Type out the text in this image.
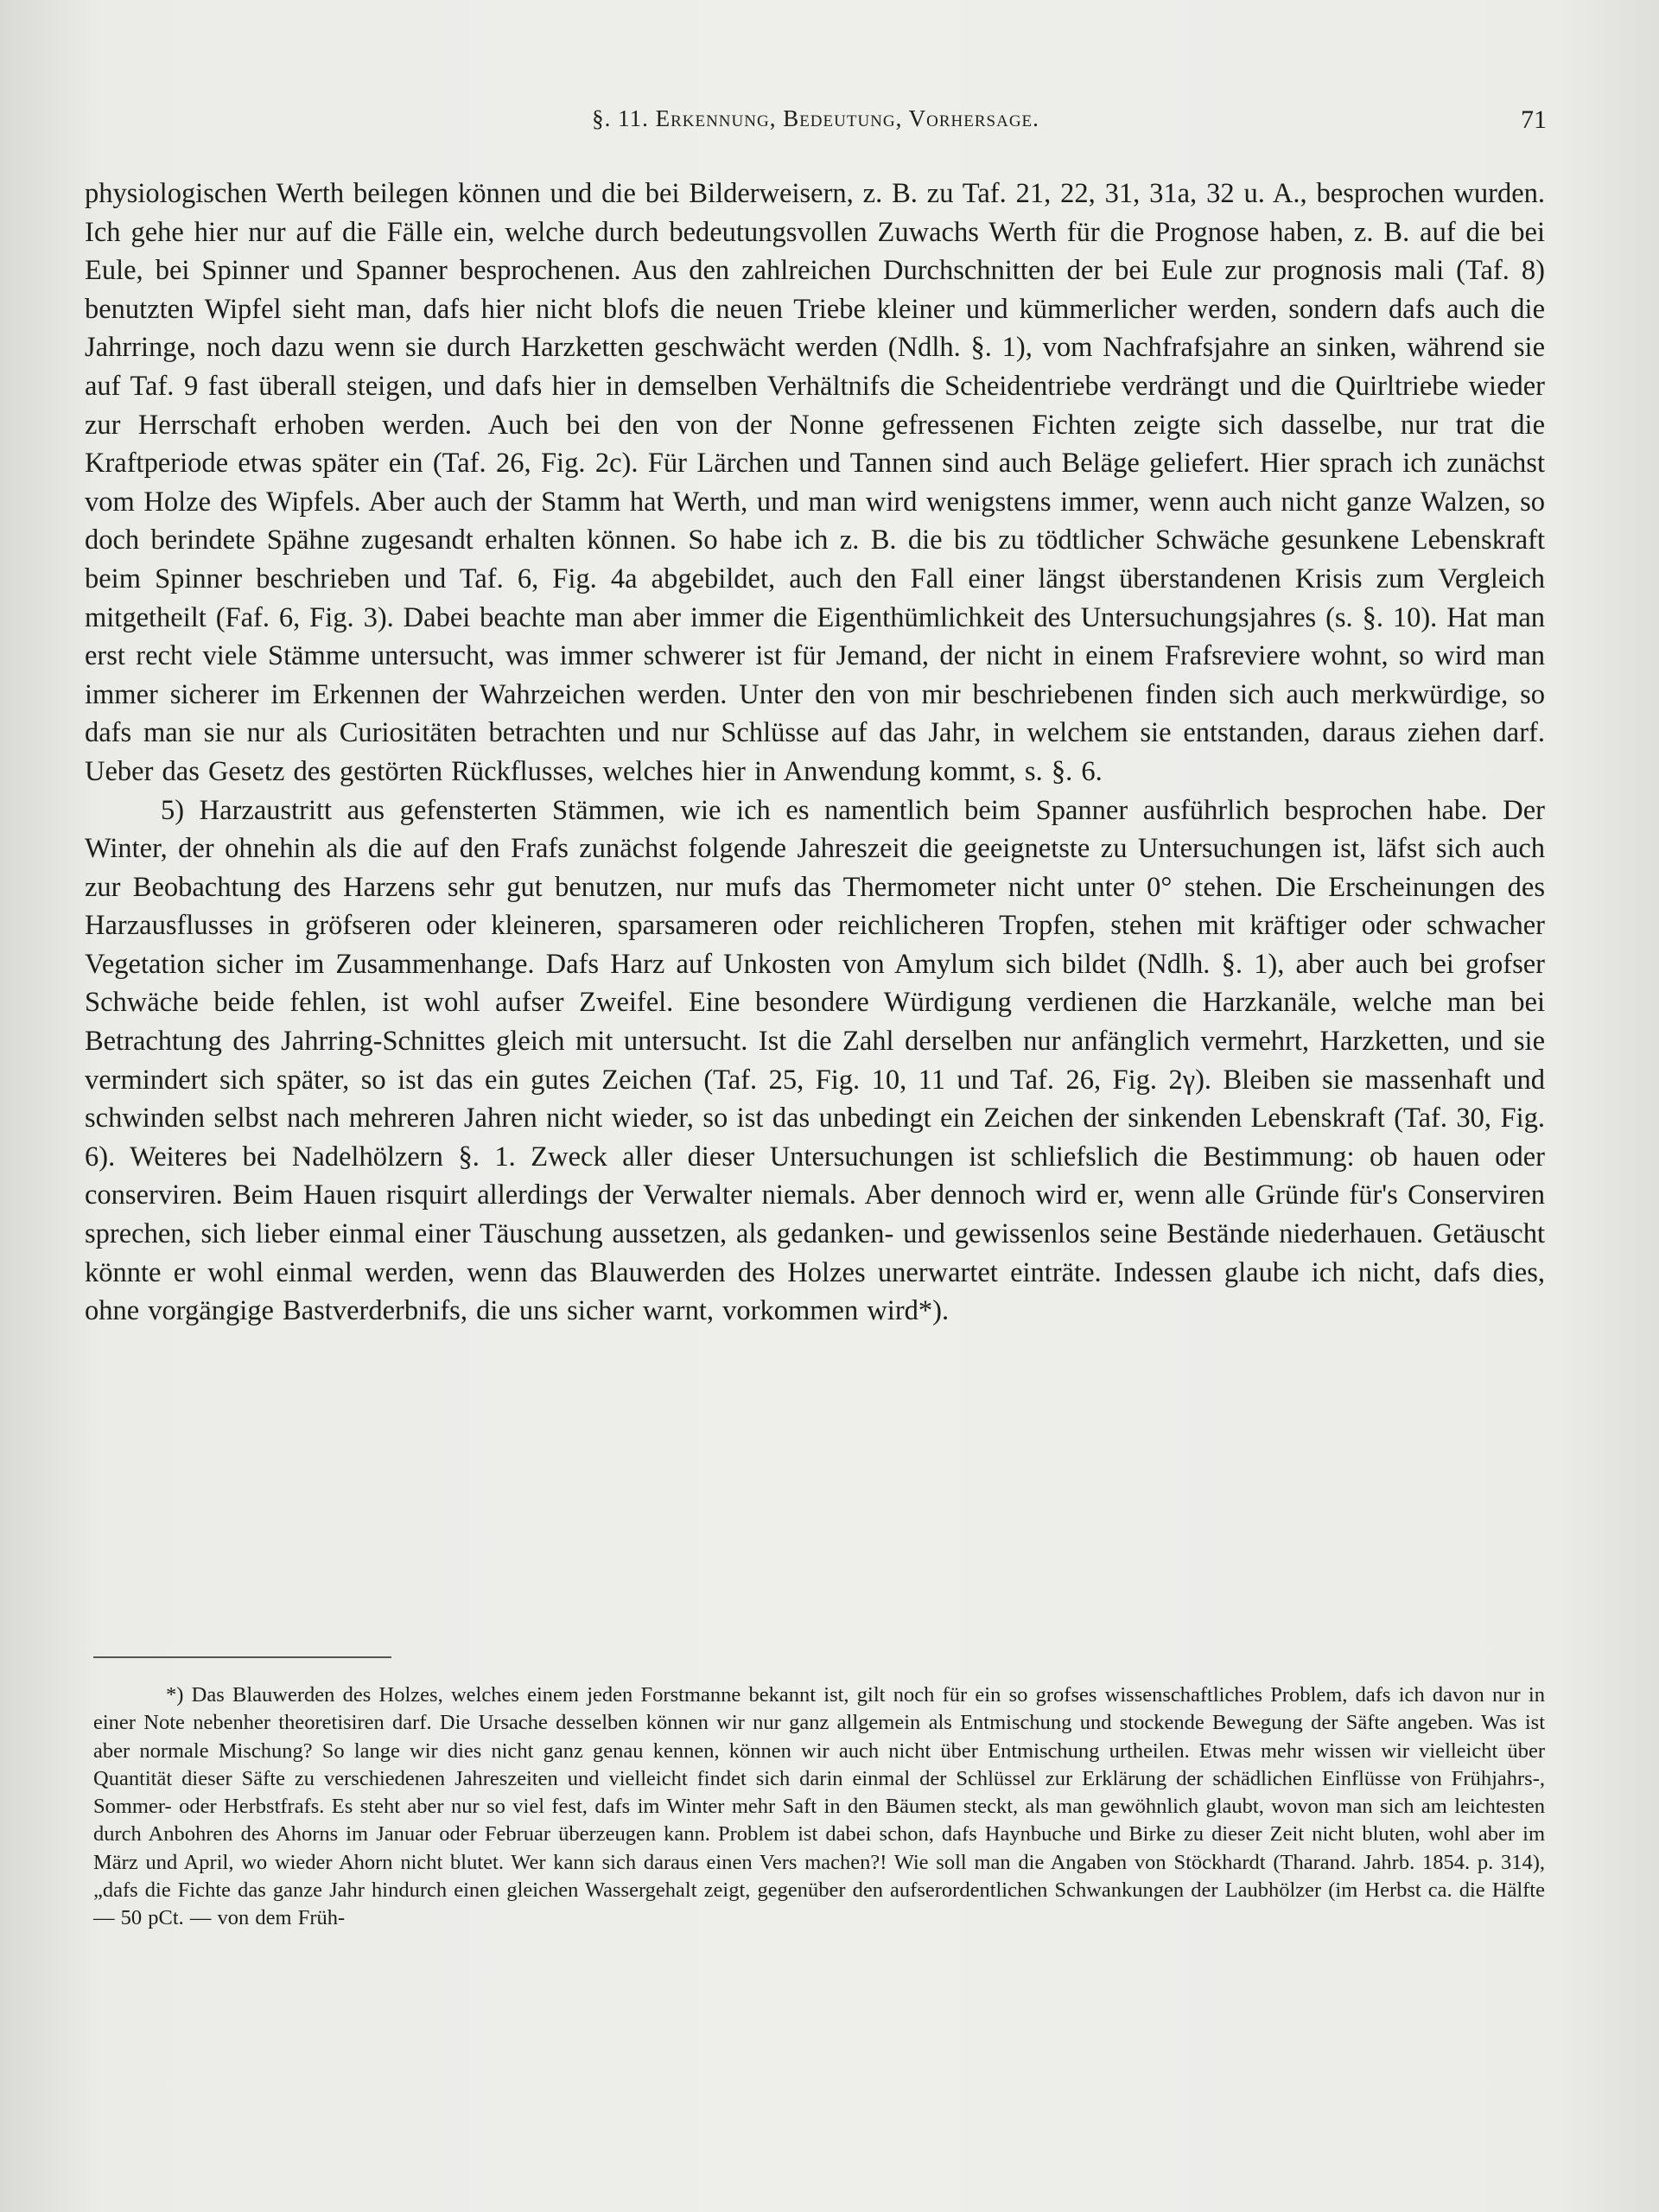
§. 11. Erkennung, Bedeutung, Vorhersage.	71

physiologischen Werth beilegen können und die bei Bilderweisern, z. B. zu Taf. 21, 22, 31, 31a, 32 u. A., besprochen wurden. Ich gehe hier nur auf die Fälle ein, welche durch bedeutungsvollen Zuwachs Werth für die Prognose haben, z. B. auf die bei Eule, bei Spinner und Spanner besprochenen. Aus den zahlreichen Durchschnitten der bei Eule zur prognosis mali (Taf. 8) benutzten Wipfel sieht man, dafs hier nicht blofs die neuen Triebe kleiner und kümmerlicher werden, sondern dafs auch die Jahrringe, noch dazu wenn sie durch Harzketten geschwächt werden (Ndlh. §. 1), vom Nachfrafsjahre an sinken, während sie auf Taf. 9 fast überall steigen, und dafs hier in demselben Verhältnifs die Scheidentriebe verdrängt und die Quirltriebe wieder zur Herrschaft erhoben werden. Auch bei den von der Nonne gefressenen Fichten zeigte sich dasselbe, nur trat die Kraftperiode etwas später ein (Taf. 26, Fig. 2c). Für Lärchen und Tannen sind auch Beläge geliefert. Hier sprach ich zunächst vom Holze des Wipfels. Aber auch der Stamm hat Werth, und man wird wenigstens immer, wenn auch nicht ganze Walzen, so doch berindete Spähne zugesandt erhalten können. So habe ich z. B. die bis zu tödtlicher Schwäche gesunkene Lebenskraft beim Spinner beschrieben und Taf. 6, Fig. 4a abgebildet, auch den Fall einer längst überstandenen Krisis zum Vergleich mitgetheilt (Faf. 6, Fig. 3). Dabei beachte man aber immer die Eigenthümlichkeit des Untersuchungsjahres (s. §. 10). Hat man erst recht viele Stämme untersucht, was immer schwerer ist für Jemand, der nicht in einem Frafsreviere wohnt, so wird man immer sicherer im Erkennen der Wahrzeichen werden. Unter den von mir beschriebenen finden sich auch merkwürdige, so dafs man sie nur als Curiositäten betrachten und nur Schlüsse auf das Jahr, in welchem sie entstanden, daraus ziehen darf. Ueber das Gesetz des gestörten Rückflusses, welches hier in Anwendung kommt, s. §. 6.

5) Harzaustritt aus gefensterten Stämmen, wie ich es namentlich beim Spanner ausführlich besprochen habe. Der Winter, der ohnehin als die auf den Frafs zunächst folgende Jahreszeit die geeignetste zu Untersuchungen ist, läfst sich auch zur Beobachtung des Harzens sehr gut benutzen, nur mufs das Thermometer nicht unter 0° stehen. Die Erscheinungen des Harzausflusses in gröfseren oder kleineren, sparsameren oder reichlicheren Tropfen, stehen mit kräftiger oder schwacher Vegetation sicher im Zusammenhange. Dafs Harz auf Unkosten von Amylum sich bildet (Ndlh. §. 1), aber auch bei grofser Schwäche beide fehlen, ist wohl aufser Zweifel. Eine besondere Würdigung verdienen die Harzkanäle, welche man bei Betrachtung des Jahrring-Schnittes gleich mit untersucht. Ist die Zahl derselben nur anfänglich vermehrt, Harzketten, und sie vermindert sich später, so ist das ein gutes Zeichen (Taf. 25, Fig. 10, 11 und Taf. 26, Fig. 2γ). Bleiben sie massenhaft und schwinden selbst nach mehreren Jahren nicht wieder, so ist das unbedingt ein Zeichen der sinkenden Lebenskraft (Taf. 30, Fig. 6). Weiteres bei Nadelhölzern §. 1. Zweck aller dieser Untersuchungen ist schliefslich die Bestimmung: ob hauen oder conserviren. Beim Hauen risquirt allerdings der Verwalter niemals. Aber dennoch wird er, wenn alle Gründe für's Conserviren sprechen, sich lieber einmal einer Täuschung aussetzen, als gedanken- und gewissenlos seine Bestände niederhauen. Getäuscht könnte er wohl einmal werden, wenn das Blauwerden des Holzes unerwartet einträte. Indessen glaube ich nicht, dafs dies, ohne vorgängige Bastverderbnifs, die uns sicher warnt, vorkommen wird*).

*) Das Blauwerden des Holzes, welches einem jeden Forstmanne bekannt ist, gilt noch für ein so grofses wissenschaftliches Problem, dafs ich davon nur in einer Note nebenher theoretisiren darf. Die Ursache desselben können wir nur ganz allgemein als Entmischung und stockende Bewegung der Säfte angeben. Was ist aber normale Mischung? So lange wir dies nicht ganz genau kennen, können wir auch nicht über Entmischung urtheilen. Etwas mehr wissen wir vielleicht über Quantität dieser Säfte zu verschiedenen Jahreszeiten und vielleicht findet sich darin einmal der Schlüssel zur Erklärung der schädlichen Einflüsse von Frühjahrs-, Sommer- oder Herbstfrafs. Es steht aber nur so viel fest, dafs im Winter mehr Saft in den Bäumen steckt, als man gewöhnlich glaubt, wovon man sich am leichtesten durch Anbohren des Ahorns im Januar oder Februar überzeugen kann. Problem ist dabei schon, dafs Haynbuche und Birke zu dieser Zeit nicht bluten, wohl aber im März und April, wo wieder Ahorn nicht blutet. Wer kann sich daraus einen Vers machen?! Wie soll man die Angaben von Stöckhardt (Tharand. Jahrb. 1854. p. 314), „dafs die Fichte das ganze Jahr hindurch einen gleichen Wassergehalt zeigt, gegenüber den aufserordentlichen Schwankungen der Laubhölzer (im Herbst ca. die Hälfte — 50 pCt. — von dem Früh-
